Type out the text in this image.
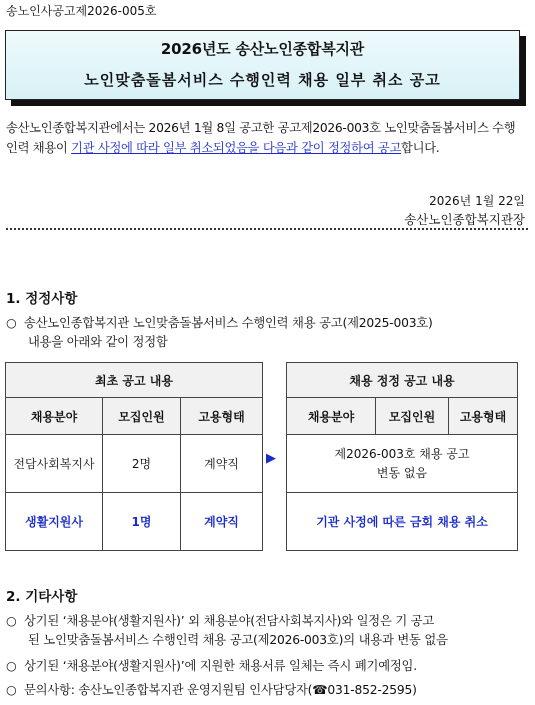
송노인사공고제2026-005호
2026년도 송산노인종합복지관
노인맞춤돌봄서비스 수행인력 채용 일부 취소 공고
송산노인종합복지관에서는 2026년 1월 8일 공고한 공고제2026-003호 노인맞춤돌봄서비스 수행인력 채용이 기관 사정에 따라 일부 취소되었음을 다음과 같이 정정하여 공고합니다.
2026년 1월 22일
송산노인종합복지관장
1. 정정사항
○ 송산노인종합복지관 노인맞춤돌봄서비스 수행인력 채용 공고(제2025-003호)
내용을 아래와 같이 정정함
최초 공고 내용		
채용분야	모집인원	고용형태
전담사회복지사	2명	계약직
생활지원사	1명	계약직
▶
채용 정정 공고 내용
채용분야	모집인원	고용형태

제2026-003호 채용 공고
변동 없음

기관 사정에 따른 금회 채용 취소
2. 기타사항
○ 상기된 ‘채용분야(생활지원사)’ 외 채용분야(전담사회복지사)와 일정은 기 공고
된 노인맞춤돌봄서비스 수행인력 채용 공고(제2026-003호)의 내용과 변동 없음
○ 상기된 ‘채용분야(생활지원사)’에 지원한 채용서류 일체는 즉시 폐기예정임.
○ 문의사항: 송산노인종합복지관 운영지원팀 인사담당자(☎031-852-2595)
